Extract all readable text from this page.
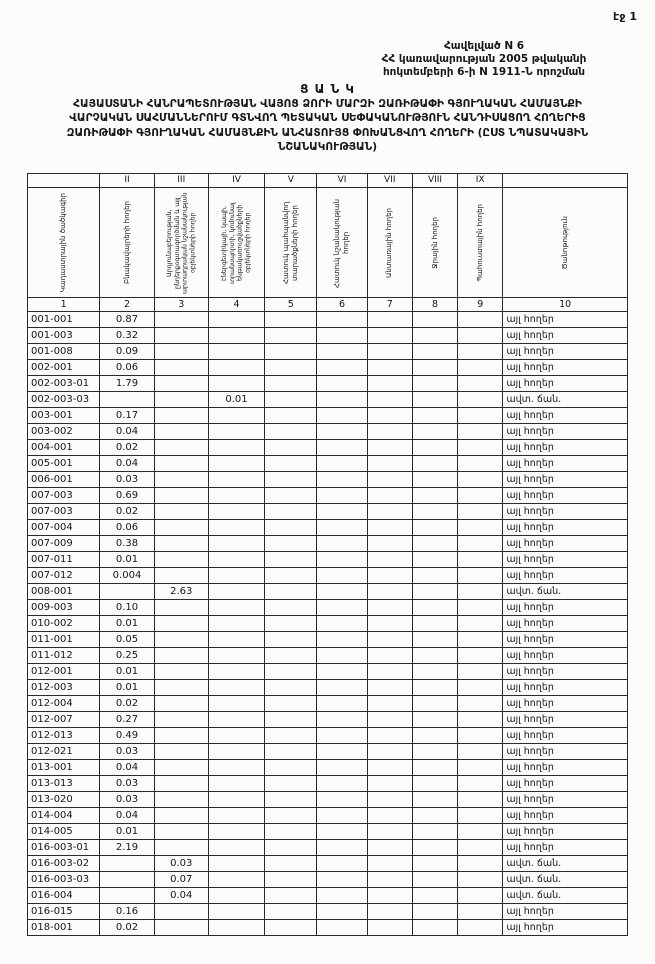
էջ 1
Հավելված N 6
ՀՀ կառավարության 2005 թվականի
հոկտեմբերի 6-ի N 1911-Ն որոշման
Ց Ա Ն Կ
ՀԱՅԱՍՏԱՆԻ ՀԱՆՐԱՊԵՏՈՒԹՅԱՆ ՎԱՅՈՑ ՁՈՐԻ ՄԱՐԶԻ ԶԱՌԻԹԱՓԻ ԳՅՈՒՂԱԿԱՆ ՀԱՄԱՅՆՔԻ
ՎԱՐՉԱԿԱՆ ՍԱՀՄԱՆՆԵՐՈՒՄ ԳՏՆՎՈՂ ՊԵՏԱԿԱՆ ՍԵՓԱԿԱՆՈՒԹՅՈՒՆ ՀԱՆԴԻՍԱՑՈՂ ՀՈՂԵՐԻՑ
ԶԱՌԻԹԱՓԻ ԳՅՈՒՂԱԿԱՆ ՀԱՄԱՅՆՔԻՆ ԱՆՀԱՏՈՒՅՑ ՓՈԽԱՆՑՎՈՂ ՀՈՂԵՐԻ (ԸՍՏ ՆՊԱՏԱԿԱՅԻՆ
ՆՇԱՆԱԿՈՒԹՅԱՆ)
	II	III	IV	V	VI	VII	VIII	IX	
Կադաստրային ծածկագիր	Բնակավայրերի հողեր	Արդյունաբերության, ընդերքօգտագործման և այլ արտադրական նշանակության օբյեկտների հողեր	Էներգետիկայի, կապի, տրանսպորտի, կոմունալ ենթակառուցվածքների օբյեկտների հողեր	Հատուկ պահպանվող տարածքների հողեր	Հատուկ նշանակության հողեր	Անտառային հողեր	Ջրային հողեր	Պահուստային հողեր	Ծանոթություն
1	2	3	4	5	6	7	8	9	10
001-001	0.87								այլ հողեր
001-003	0.32								այլ հողեր
001-008	0.09								այլ հողեր
002-001	0.06								այլ հողեր
002-003-01	1.79								այլ հողեր
002-003-03			0.01						ավտ. ճան.
003-001	0.17								այլ հողեր
003-002	0.04								այլ հողեր
004-001	0.02								այլ հողեր
005-001	0.04								այլ հողեր
006-001	0.03								այլ հողեր
007-003	0.69								այլ հողեր
007-003	0.02								այլ հողեր
007-004	0.06								այլ հողեր
007-009	0.38								այլ հողեր
007-011	0.01								այլ հողեր
007-012	0.004								այլ հողեր
008-001		2.63							ավտ. ճան.
009-003	0.10								այլ հողեր
010-002	0.01								այլ հողեր
011-001	0.05								այլ հողեր
011-012	0.25								այլ հողեր
012-001	0.01								այլ հողեր
012-003	0.01								այլ հողեր
012-004	0.02								այլ հողեր
012-007	0.27								այլ հողեր
012-013	0.49								այլ հողեր
012-021	0.03								այլ հողեր
013-001	0.04								այլ հողեր
013-013	0.03								այլ հողեր
013-020	0.03								այլ հողեր
014-004	0.04								այլ հողեր
014-005	0.01								այլ հողեր
016-003-01	2.19								այլ հողեր
016-003-02		0.03							ավտ. ճան.
016-003-03		0.07							ավտ. ճան.
016-004		0.04							ավտ. ճան.
016-015	0.16								այլ հողեր
018-001	0.02								այլ հողեր
